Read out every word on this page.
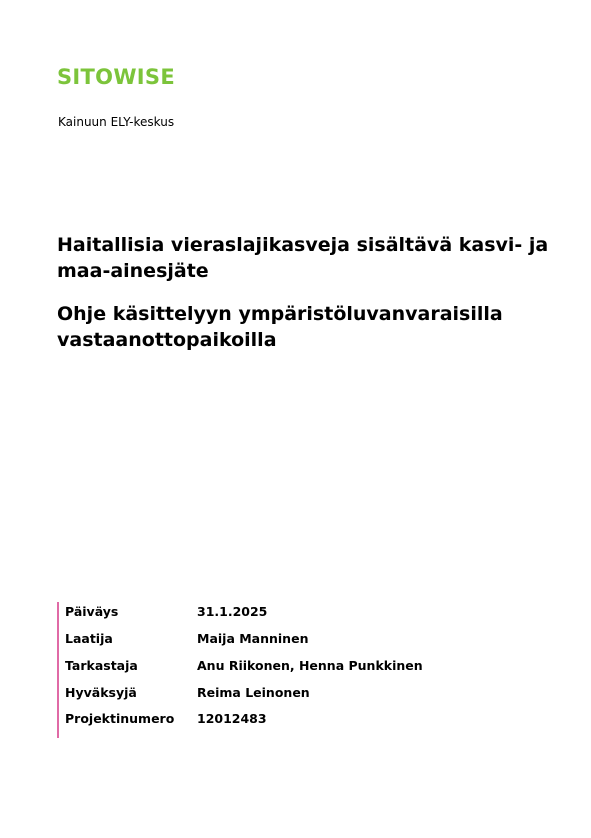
SITOWISE
Kainuun ELY-keskus
Haitallisia vieraslajikasveja sisältävä kasvi- ja maa-ainesjäte
Ohje käsittelyyn ympäristöluvanvaraisilla vastaanottopaikoilla
Päiväys	31.1.2025
Laatija	Maija Manninen
Tarkastaja	Anu Riikonen, Henna Punkkinen
Hyväksyjä	Reima Leinonen
Projektinumero 12012483
